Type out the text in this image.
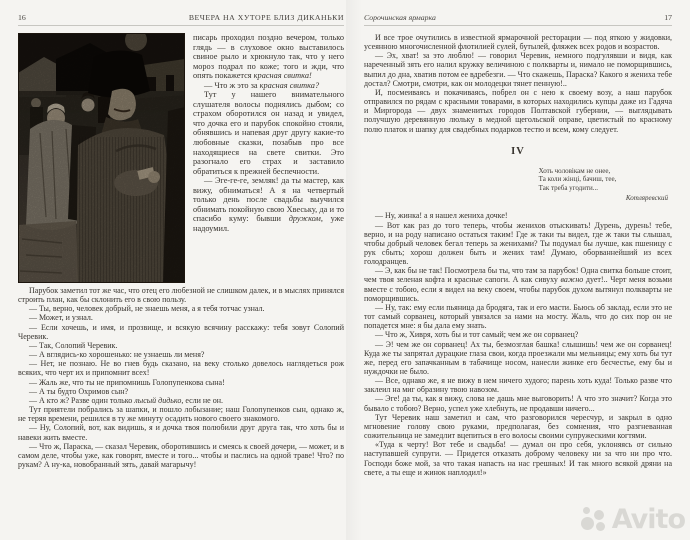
16	ВЕЧЕРА НА ХУТОРЕ БЛИЗ ДИКАНЬКИ

писарь проходил поздно вечером, только глядь — в слуховое окно выставилось свиное рыло и хрюкнуло так, что у него мороз подрал по коже; того и жди, что опять покажется красная свитка!

— Что ж это за красная свитка?

Тут у нашего внимательного слушателя волосы поднялись дыбом; со страхом оборотился он назад и увидел, что дочка его и парубок спокойно стояли, обнявшись и напевая друг другу какие-то любовные сказки, позабыв про все находящиеся на свете свитки. Это разогнало его страх и заставило обратиться к прежней беспечности.

— Эге-ге-ге, земляк! да ты мастер, как вижу, обниматься! А я на четвертый только день после свадьбы выучился обнимать покойную свою Хвеську, да и то спасибо куму: бывши дружком, уже надоумил.

Парубок заметил тот же час, что отец его любезной не слишком далек, и в мыслях принялся строить план, как бы склонить его в свою пользу.

— Ты, верно, человек добрый, не знаешь меня, а я тебя тотчас узнал.

— Может, и узнал.

— Если хочешь, и имя, и прозвище, и всякую всячину расскажу: тебя зовут Солопий Черевик.

— Так, Солопий Черевик.

— А вглядись-ко хорошенько: не узнаешь ли меня?

— Нет, не познаю. Не во гнев будь сказано, на веку столько довелось наглядеться рож всяких, что черт их и припомнит всех!

— Жаль же, что ты не припомнишь Голопупенкова сына!

— А ты будто Охримов сын?

— А кто ж? Разве один только лысый дидько, если не он.

Тут приятели побрались за шапки, и пошло лобызание; наш Голопупенков сын, однако ж, не теряя времени, решился в ту же минуту осадить нового своего знакомого.

— Ну, Солопий, вот, как видишь, я и дочка твоя полюбили друг друга так, что хоть бы и навеки жить вместе.

— Что ж, Параска, — сказал Черевик, оборотившись и смеясь к своей дочери, — может, и в самом деле, чтобы уже, как говорят, вместе и того... чтобы и паслись на одной траве! Что? по рукам? А ну-ка, новобранный зять, давай магарычу!

Сорочинская ярмарка	17

И все трое очутились в известной ярмарочной ресторации — под яткою у жидовки, усеянною многочисленной флотилией сулей, бутылей, фляжек всех родов и возрастов.

— Эх, хват! за это люблю! — говорил Черевик, немного подгулявши и видя, как нареченный зять его налил кружку величиною с полкварты и, нимало не поморщившись, выпил до дна, хватив потом ее вдребезги. — Что скажешь, Параска? Какого я жениха тебе достал? Смотри, смотри, как он молодецки тянет пенную!..

И, посмеиваясь и покачиваясь, побрел он с нею к своему возу, а наш парубок отправился по рядам с красными товарами, в которых находились купцы даже из Гадяча и Миргорода — двух знаменитых городов Полтавской губернии, — выглядывать получшую деревянную люльку в медной щегольской оправе, цветистый по красному полю платок и шапку для свадебных подарков тестю и всем, кому следует.

IV
Хоть чоловікам не онее,
Та коли жінці, бачиш, тее,
Так треба угодити...
Котляревский

— Ну, жинка! а я нашел жениха дочке!

— Вот как раз до того теперь, чтобы женихов отыскивать! Дурень, дурень! тебе, верно, и на роду написано остаться таким! Где ж таки ты видел, где ж таки ты слышал, чтобы добрый человек бегал теперь за женихами? Ты подумал бы лучше, как пшеницу с рук сбыть; хорош должен быть и жених там! Думаю, оборваннейший из всех голодранцев.

— Э, как бы не так! Посмотрела бы ты, что там за парубок! Одна свитка больше стоит, чем твоя зеленая кофта и красные сапоги. А как сивуху важно дует!.. Черт меня возьми вместе с тобою, если я видел на веку своем, чтобы парубок духом вытянул полкварты не поморщившись.

— Ну, так: ему если пьяница да бродяга, так и его масти. Бьюсь об заклад, если это не тот самый сорванец, который увязался за нами на мосту. Жаль, что до сих пор он не попадется мне: я бы дала ему знать.

— Что ж, Хивря, хоть бы и тот самый; чем же он сорванец?

— Э! чем же он сорванец! Ах ты, безмозглая башка! слышишь! чем же он сорванец! Куда же ты запрятал дурацкие глаза свои, когда проезжали мы мельницы; ему хоть бы тут же, перед его запачканным в табачище носом, нанесли жинке его бесчестье, ему бы и нуждочки не было.

— Все, однако же, я не вижу в нем ничего худого; парень хоть куда! Только разве что заклеил на миг образину твою навозом.

— Эге! да ты, как я вижу, слова не дашь мне выговорить! А что это значит? Когда это бывало с тобою? Верно, успел уже хлебнуть, не продавши ничего...

Тут Черевик наш заметил и сам, что разговорился чересчур, и закрыл в одно мгновение голову свою руками, предполагая, без сомнения, что разгневанная сожительница не замедлит вцепиться в его волосы своими супружескими когтями.

«Туда к черту! Вот тебе и свадьба! — думал он про себя, уклоняясь от сильно наступавшей супруги. — Придется отказать доброму человеку ни за что ни про что. Господи боже мой, за что такая напасть на нас грешных! И так много всякой дряни на свете, а ты еще и жинок наплодил!»

Avito
